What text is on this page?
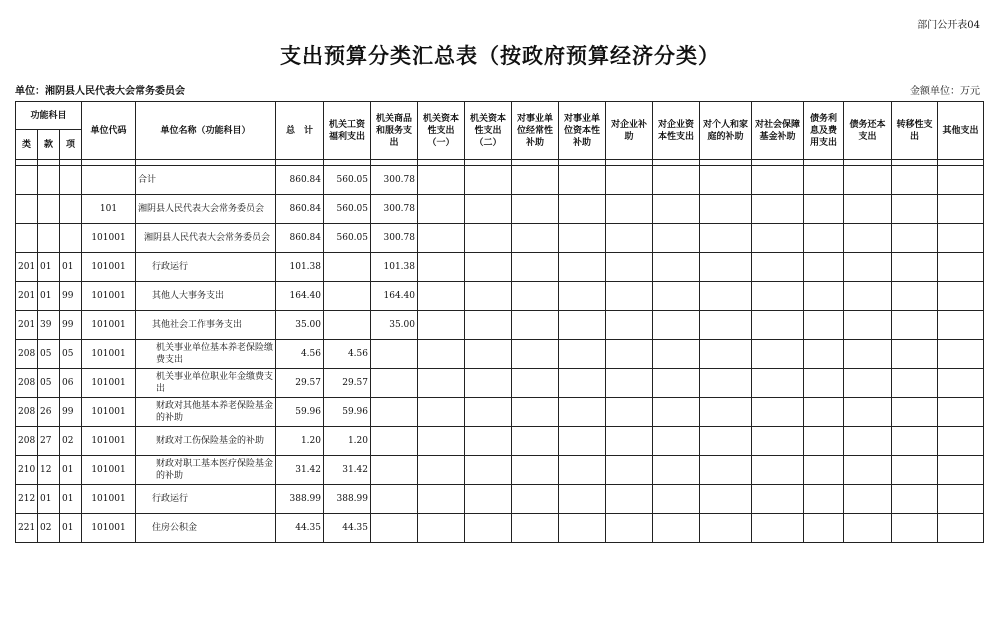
部门公开表04
支出预算分类汇总表（按政府预算经济分类）
单位：湘阴县人民代表大会常务委员会	金额单位：万元
功能科目			单位代码	单位名称（功能科目）	总　计	机关工资福利支出	机关商品和服务支出	机关资本性支出（一）	机关资本性支出（二）	对事业单位经常性补助	对事业单位资本性补助	对企业补助	对企业资本性支出	对个人和家庭的补助	对社会保障基金补助	债务利息及费用支出	债务还本支出	转移性支出	其他支出
类	款	项																	

				合计	860.84	560.05	300.78												
			101	湘阴县人民代表大会常务委员会	860.84	560.05	300.78												
			101001	湘阴县人民代表大会常务委员会	860.84	560.05	300.78												
201	01	01	101001	行政运行	101.38		101.38												
201	01	99	101001	其他人大事务支出	164.40		164.40												
201	39	99	101001	其他社会工作事务支出	35.00		35.00												
208	05	05	101001	机关事业单位基本养老保险缴费支出	4.56	4.56													
208	05	06	101001	机关事业单位职业年金缴费支出	29.57	29.57													
208	26	99	101001	财政对其他基本养老保险基金的补助	59.96	59.96													
208	27	02	101001	财政对工伤保险基金的补助	1.20	1.20													
210	12	01	101001	财政对职工基本医疗保险基金的补助	31.42	31.42													
212	01	01	101001	行政运行	388.99	388.99													
221	02	01	101001	住房公积金	44.35	44.35													
